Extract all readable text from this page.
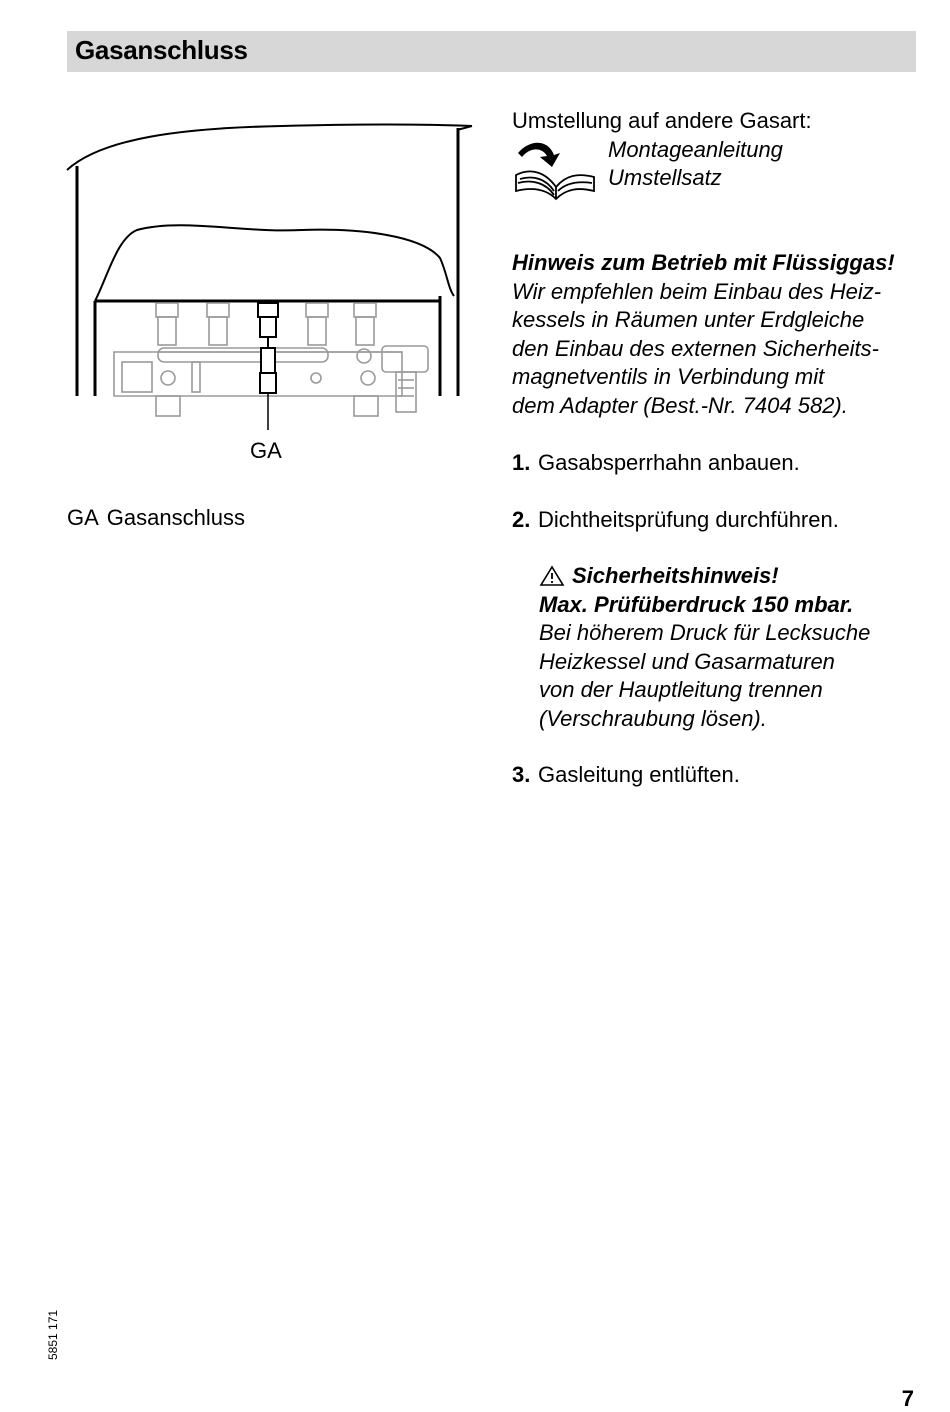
Gasanschluss
GA
GA Gasanschluss
Umstellung auf andere Gasart:
Montageanleitung
Umstellsatz
Hinweis zum Betrieb mit Flüssiggas!
Wir empfehlen beim Einbau des Heiz-
kessels in Räumen unter Erdgleiche
den Einbau des externen Sicherheits-
magnetventils in Verbindung mit
dem Adapter (Best.-Nr. 7404 582).
1. Gasabsperrhahn anbauen.
2. Dichtheitsprüfung durchführen.
Sicherheitshinweis!
Max. Prüfüberdruck 150 mbar.
Bei höherem Druck für Lecksuche
Heizkessel und Gasarmaturen
von der Hauptleitung trennen
(Verschraubung lösen).
3. Gasleitung entlüften.
5851 171
7
